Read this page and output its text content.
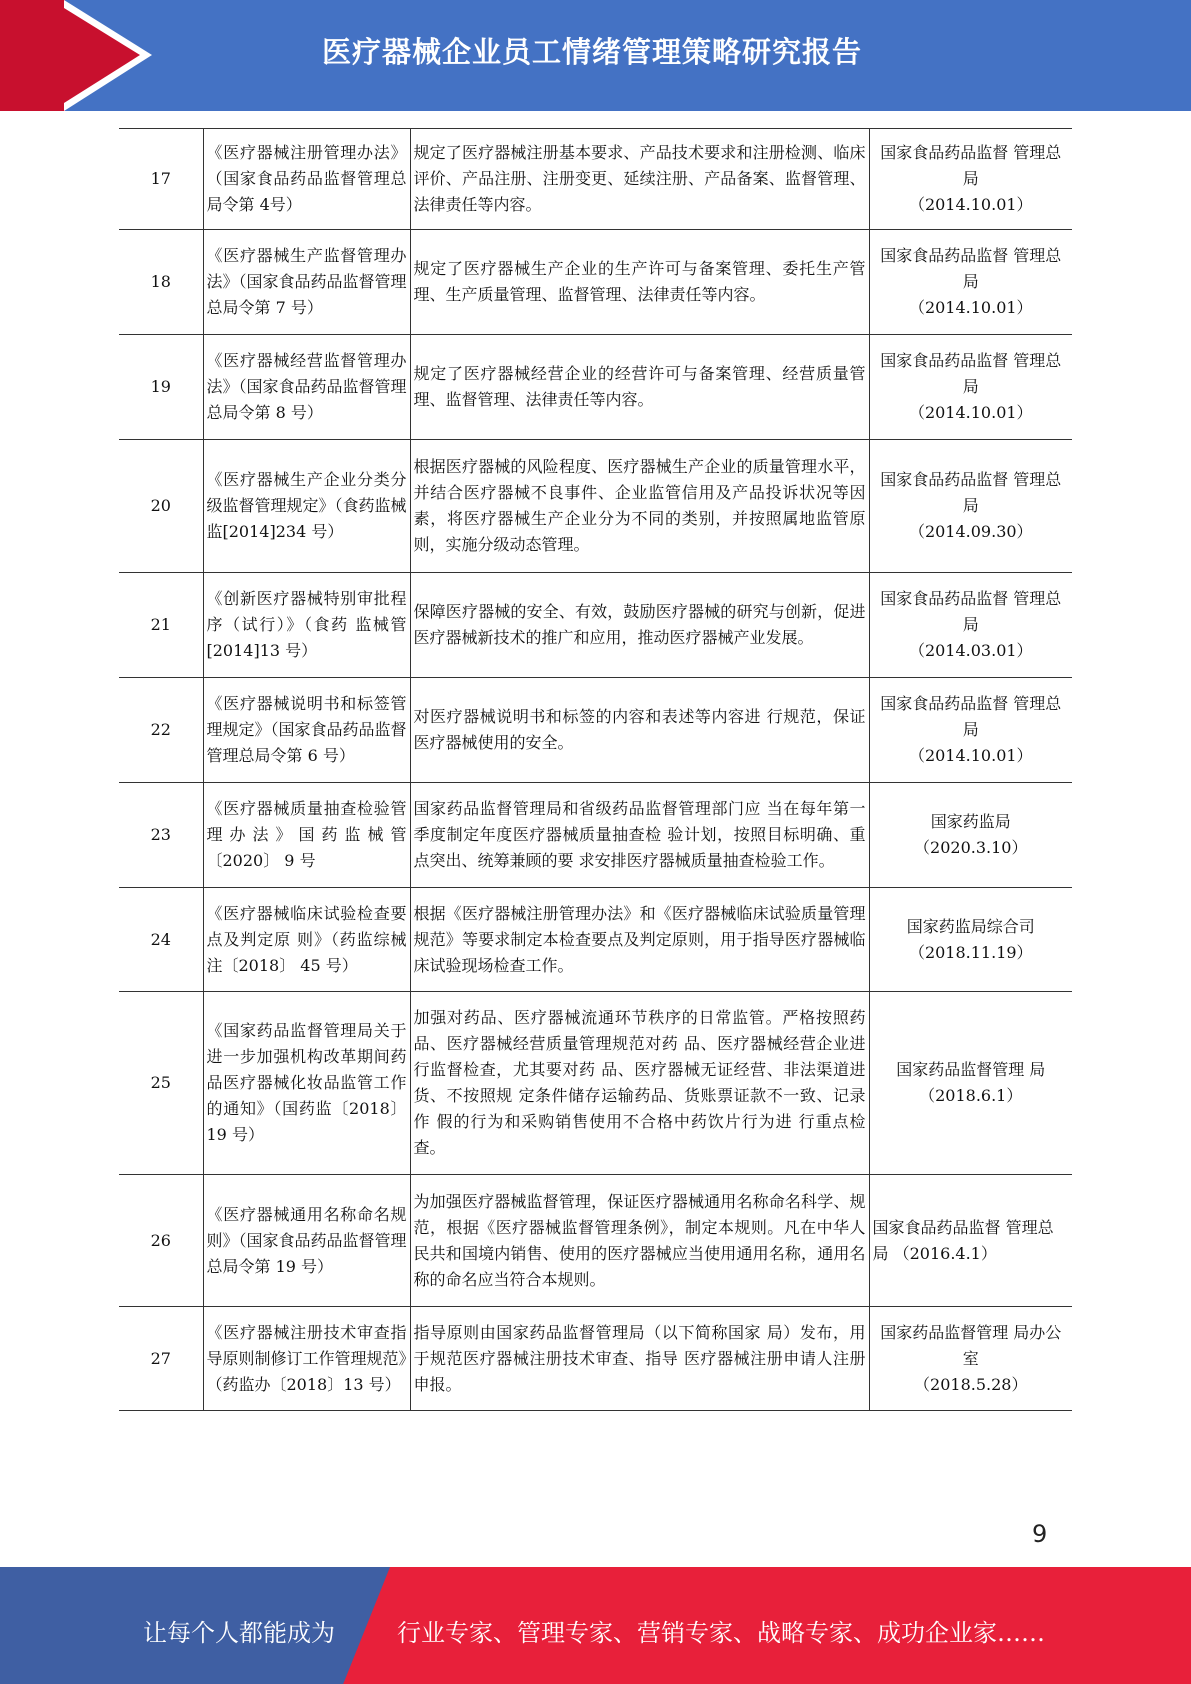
医疗器械企业员工情绪管理策略研究报告
17	《医疗器械注册管理办法》（国家食品药品监督管理总局令第 4号）	规定了医疗器械注册基本要求、产品技术要求和注册检测、临床评价、产品注册、注册变更、延续注册、产品备案、监督管理、法律责任等内容。	国家食品药品监督 管理总局
（2014.10.01）

18	《医疗器械生产监督管理办法》（国家食品药品监督管理总局令第 7 号）	规定了医疗器械生产企业的生产许可与备案管理、委托生产管理、生产质量管理、监督管理、法律责任等内容。	国家食品药品监督 管理总局
（2014.10.01）

19	《医疗器械经营监督管理办法》（国家食品药品监督管理总局令第 8 号）	规定了医疗器械经营企业的经营许可与备案管理、经营质量管理、监督管理、法律责任等内容。	国家食品药品监督 管理总局
（2014.10.01）

20	《医疗器械生产企业分类分级监督管理规定》（食药监械监[2014]234 号）	根据医疗器械的风险程度、医疗器械生产企业的质量管理水平，并结合医疗器械不良事件、企业监管信用及产品投诉状况等因素，将医疗器械生产企业分为不同的类别，并按照属地监管原则，实施分级动态管理。	国家食品药品监督 管理总局
（2014.09.30）

21	《创新医疗器械特别审批程序（试行）》（食药 监械管[2014]13 号）	保障医疗器械的安全、有效，鼓励医疗器械的研究与创新，促进医疗器械新技术的推广和应用，推动医疗器械产业发展。	国家食品药品监督 管理总局
（2014.03.01）

22	《医疗器械说明书和标签管理规定》（国家食品药品监督管理总局令第 6 号）	对医疗器械说明书和标签的内容和表述等内容进 行规范，保证医疗器械使用的安全。	国家食品药品监督 管理总局
（2014.10.01）

23	《医疗器械质量抽查检验管理办法》国药监械管〔2020〕 9 号	国家药品监督管理局和省级药品监督管理部门应 当在每年第一季度制定年度医疗器械质量抽查检 验计划，按照目标明确、重点突出、统筹兼顾的要 求安排医疗器械质量抽查检验工作。	国家药监局
（2020.3.10）

24	《医疗器械临床试验检查要点及判定原 则》（药监综械注〔2018〕 45 号）	根据《医疗器械注册管理办法》和《医疗器械临床试验质量管理规范》等要求制定本检查要点及判定原则，用于指导医疗器械临床试验现场检查工作。	国家药监局综合司
（2018.11.19）

25	《国家药品监督管理局关于进一步加强机构改革期间药品医疗器械化妆品监管工作的通知》（国药监〔2018〕 19 号）	加强对药品、医疗器械流通环节秩序的日常监管。严格按照药品、医疗器械经营质量管理规范对药 品、医疗器械经营企业进行监督检查，尤其要对药 品、医疗器械无证经营、非法渠道进货、不按照规 定条件储存运输药品、货账票证款不一致、记录作 假的行为和采购销售使用不合格中药饮片行为进 行重点检查。	国家药品监督管理 局
（2018.6.1）

26	《医疗器械通用名称命名规则》（国家食品药品监督管理总局令第 19 号）	为加强医疗器械监督管理，保证医疗器械通用名称命名科学、规范，根据《医疗器械监督管理条例》，制定本规则。凡在中华人民共和国境内销售、使用的医疗器械应当使用通用名称，通用名称的命名应当符合本规则。	国家食品药品监督 管理总局 （2016.4.1）
27	《医疗器械注册技术审查指导原则制修订工作管理规范》（药监办〔2018〕13 号）	指导原则由国家药品监督管理局（以下简称国家 局）发布，用于规范医疗器械注册技术审查、指导 医疗器械注册申请人注册申报。	国家药品监督管理 局办公室
（2018.5.28）
9
让每个人都能成为	行业专家、管理专家、营销专家、战略专家、成功企业家……
